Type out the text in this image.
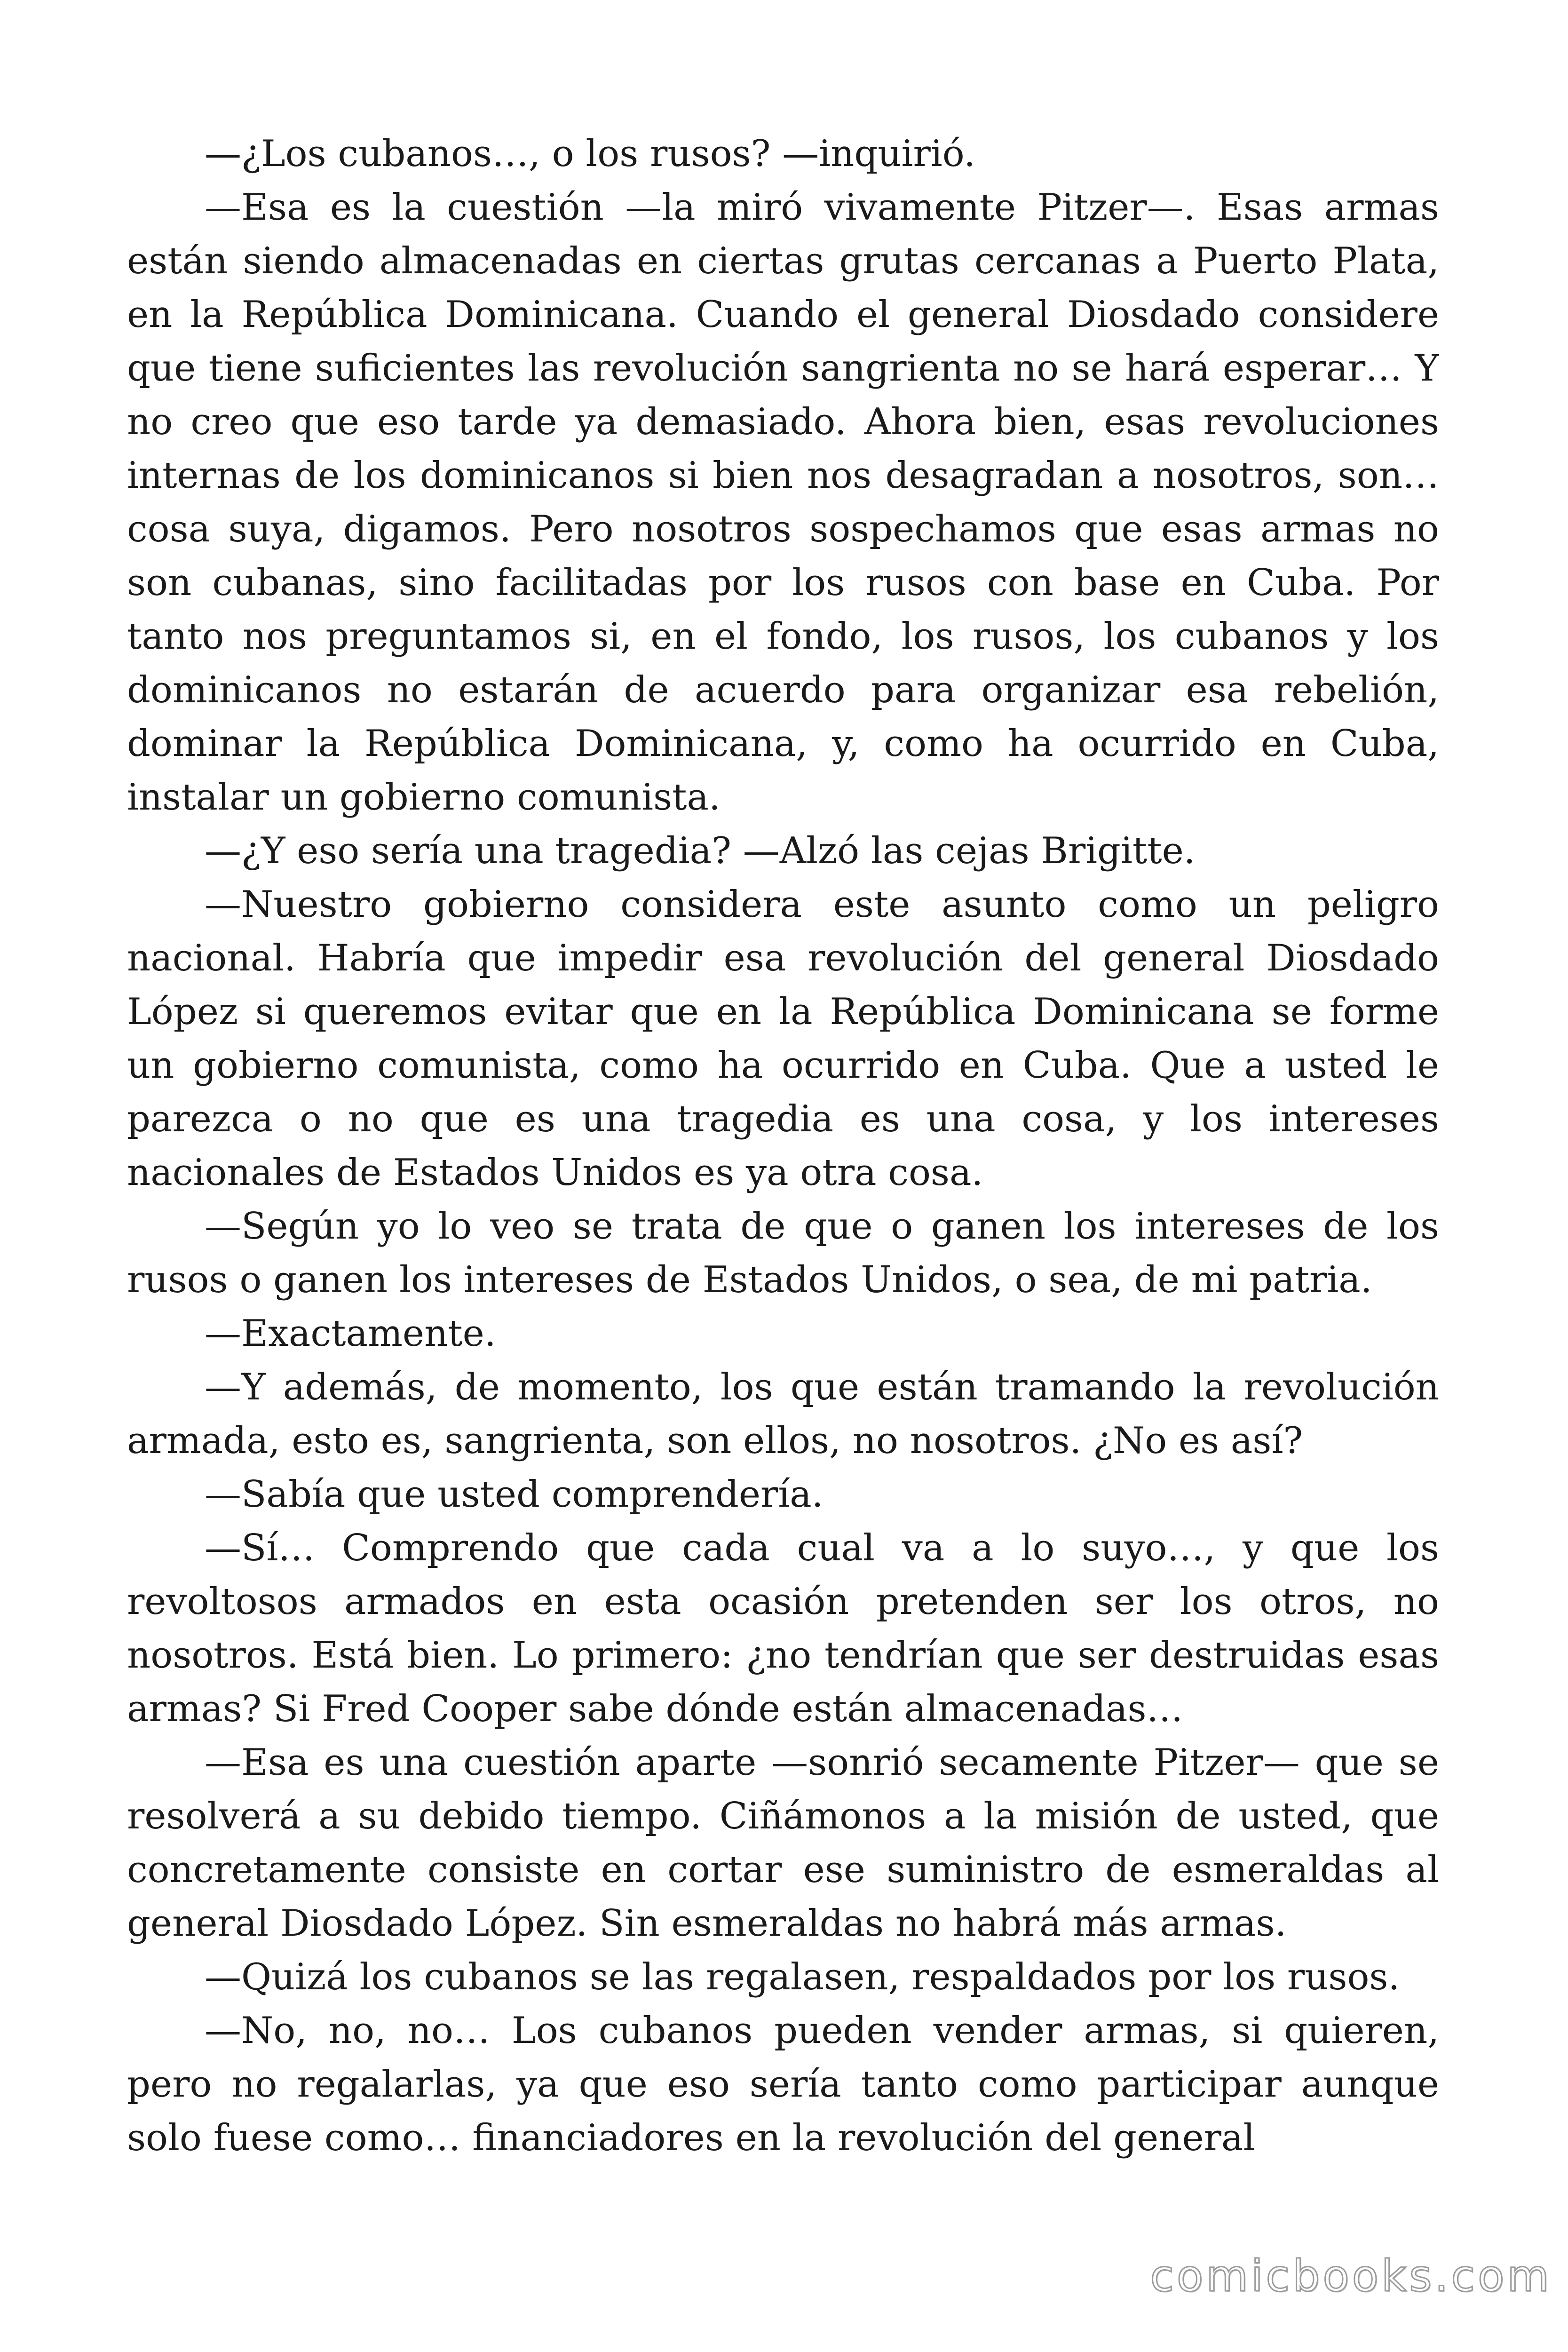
—¿Los cubanos…, o los rusos? —inquirió.

—Esa es la cuestión —la miró vivamente Pitzer—. Esas armas están siendo almacenadas en ciertas grutas cercanas a Puerto Plata, en la República Dominicana. Cuando el general Diosdado considere que tiene suficientes las revolución sangrienta no se hará esperar… Y no creo que eso tarde ya demasiado. Ahora bien, esas revoluciones internas de los dominicanos si bien nos desagradan a nosotros, son… cosa suya, digamos. Pero nosotros sospechamos que esas armas no son cubanas, sino facilitadas por los rusos con base en Cuba. Por tanto nos preguntamos si, en el fondo, los rusos, los cubanos y los dominicanos no estarán de acuerdo para organizar esa rebelión, dominar la República Dominicana, y, como ha ocurrido en Cuba, instalar un gobierno comunista.

—¿Y eso sería una tragedia? —Alzó las cejas Brigitte.

—Nuestro gobierno considera este asunto como un peligro nacional. Habría que impedir esa revolución del general Diosdado López si queremos evitar que en la República Dominicana se forme un gobierno comunista, como ha ocurrido en Cuba. Que a usted le parezca o no que es una tragedia es una cosa, y los intereses nacionales de Estados Unidos es ya otra cosa.

—Según yo lo veo se trata de que o ganen los intereses de los rusos o ganen los intereses de Estados Unidos, o sea, de mi patria.

—Exactamente.

—Y además, de momento, los que están tramando la revolución armada, esto es, sangrienta, son ellos, no nosotros. ¿No es así?

—Sabía que usted comprendería.

—Sí… Comprendo que cada cual va a lo suyo…, y que los revoltosos armados en esta ocasión pretenden ser los otros, no nosotros. Está bien. Lo primero: ¿no tendrían que ser destruidas esas armas? Si Fred Cooper sabe dónde están almacenadas…

—Esa es una cuestión aparte —sonrió secamente Pitzer— que se resolverá a su debido tiempo. Ciñámonos a la misión de usted, que concretamente consiste en cortar ese suministro de esmeraldas al general Diosdado López. Sin esmeraldas no habrá más armas.

—Quizá los cubanos se las regalasen, respaldados por los rusos.

—No, no, no… Los cubanos pueden vender armas, si quieren, pero no regalarlas, ya que eso sería tanto como participar aunque solo fuese como… financiadores en la revolución del general

comicbooks.com
